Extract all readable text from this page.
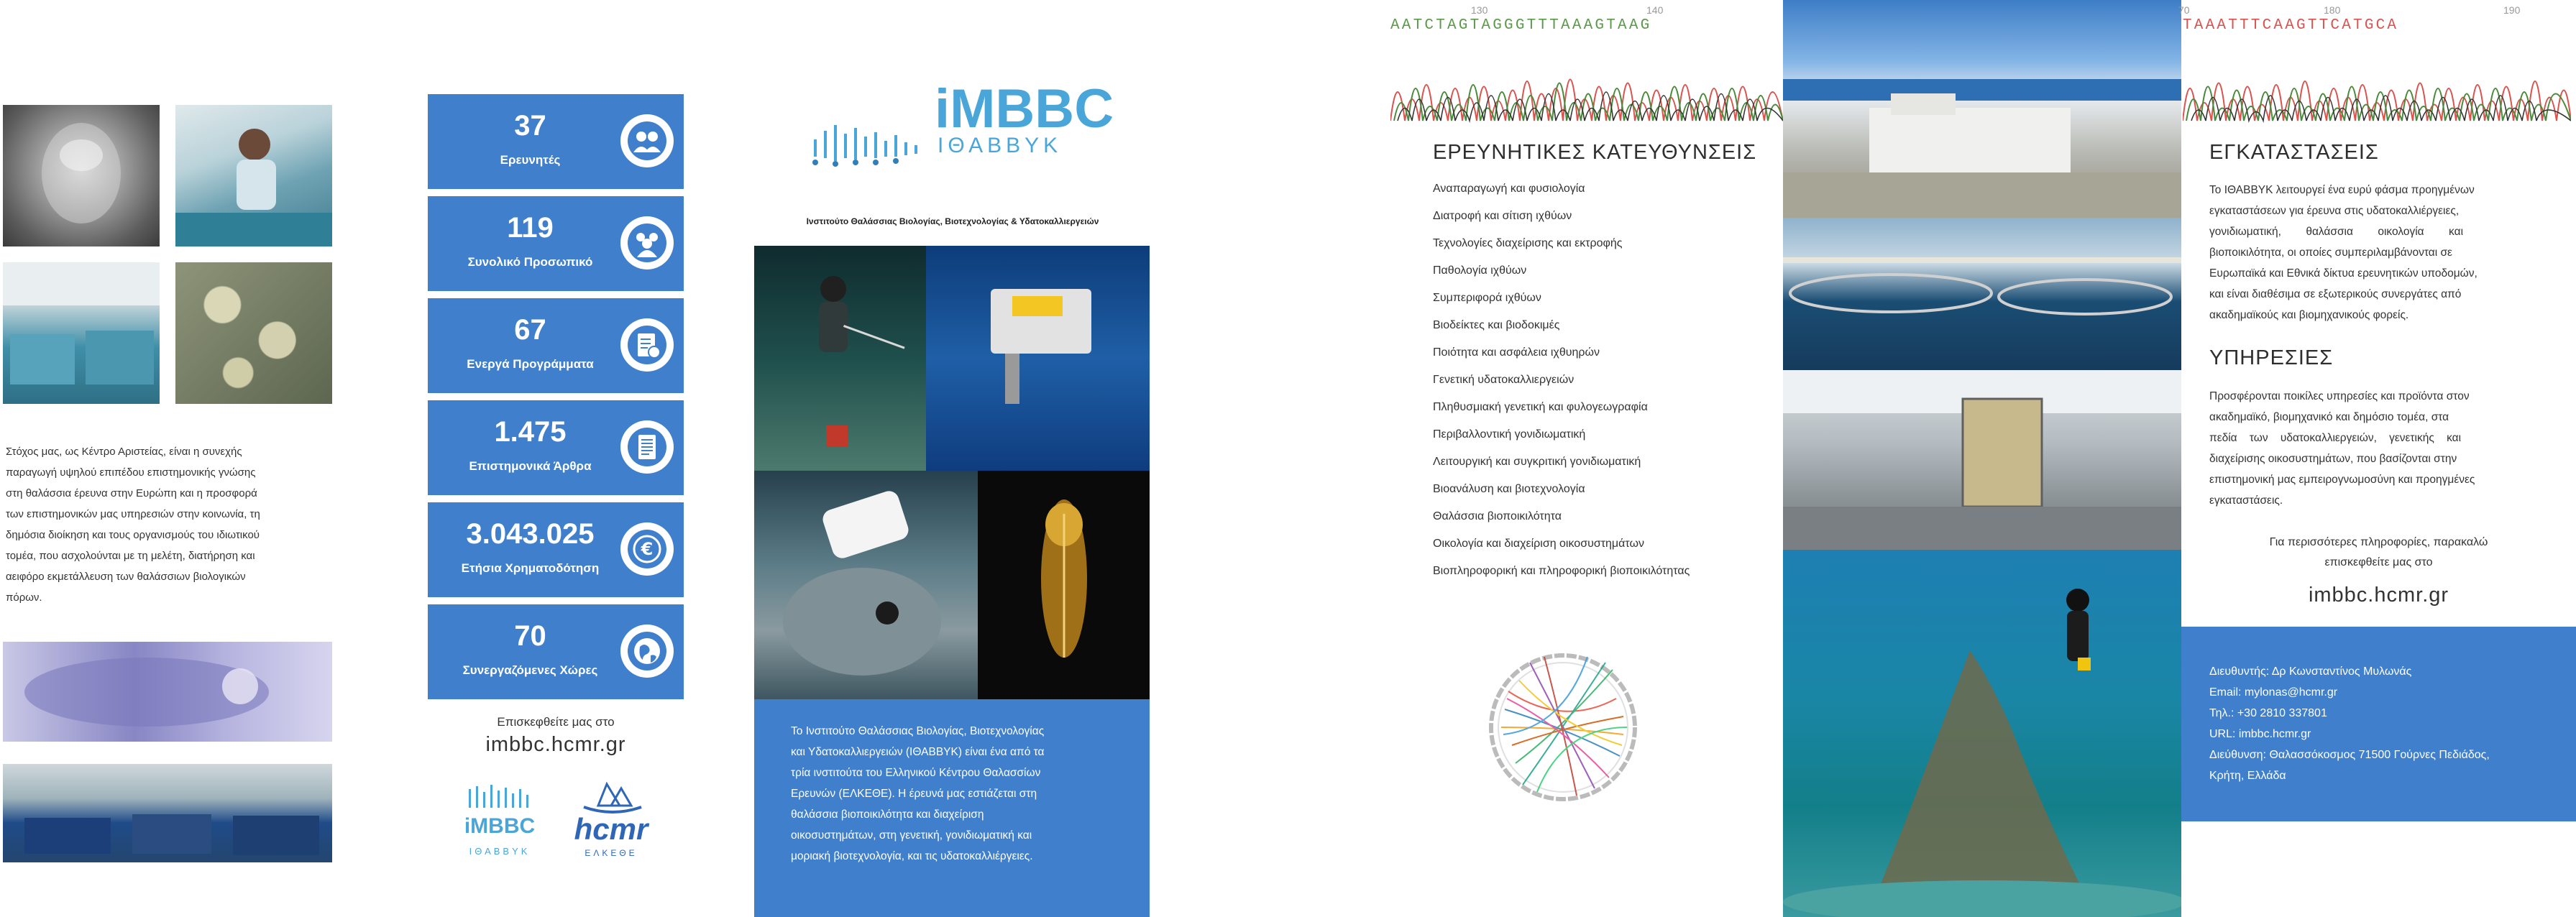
Στόχος μας, ως Κέντρο Αριστείας, είναι η συνεχής
παραγωγή υψηλού επιπέδου επιστημονικής γνώσης
στη θαλάσσια έρευνα στην Ευρώπη και η προσφορά
των επιστημονικών μας υπηρεσιών στην κοινωνία, τη
δημόσια διοίκηση και τους οργανισμούς του ιδιωτικού
τομέα, που ασχολούνται με τη μελέτη, διατήρηση και
αειφόρο εκμετάλλευση των θαλάσσιων βιολογικών
πόρων.
37
Ερευνητές
119
Συνολικό Προσωπικό
67
Ενεργά Προγράμματα
1.475
Επιστημονικά Άρθρα
3.043.025
Ετήσια Χρηματοδότηση
€
70
Συνεργαζόμενες Χώρες
Επισκεφθείτε μας στο
imbbc.hcmr.gr
iMBBC
ΙΘΑΒΒΥΚ
hcmr
ΕΛΚΕΘΕ
iMBBC
ΙΘΑΒΒΥΚ
Ινστιτούτο Θαλάσσιας Βιολογίας, Βιοτεχνολογίας & Υδατοκαλλιεργειών
Το Ινστιτούτο Θαλάσσιας Βιολογίας, Βιοτεχνολογίας
και Υδατοκαλλιεργειών (ΙΘΑΒΒΥΚ) είναι ένα από τα
τρία ινστιτούτα του Ελληνικού Κέντρου Θαλασσίων
Ερευνών (ΕΛΚΕΘΕ). Η έρευνά μας εστιάζεται στη
θαλάσσια βιοποικιλότητα και διαχείριση
οικοσυστημάτων, στη γενετική, γονιδιωματική και
μοριακή βιοτεχνολογία, και τις υδατοκαλλιέργειες.
130	140
AATCTAGTAGGGTTTAAAGTAAG
ΕΡΕΥΝΗΤΙΚΕΣ ΚΑΤΕΥΘΥΝΣΕΙΣ
Αναπαραγωγή και φυσιολογία
Διατροφή και σίτιση ιχθύων
Τεχνολογίες διαχείρισης και εκτροφής
Παθολογία ιχθύων
Συμπεριφορά ιχθύων
Βιοδείκτες και βιοδοκιμές
Ποιότητα και ασφάλεια ιχθυηρών
Γενετική υδατοκαλλιεργειών
Πληθυσμιακή γενετική και φυλογεωγραφία
Περιβαλλοντική γονιδιωματική
Λειτουργική και συγκριτική γονιδιωματική
Βιοανάλυση και βιοτεχνολογία
Θαλάσσια βιοποικιλότητα
Οικολογία και διαχείριση οικοσυστημάτων
Βιοπληροφορική και πληροφορική βιοποικιλότητας
70	180	190
TAAATTTCAAGTTCATGCA
ΕΓΚΑΤΑΣΤΑΣΕΙΣ
Το ΙΘΑΒΒΥΚ λειτουργεί ένα ευρύ φάσμα προηγμένων
εγκαταστάσεων για έρευνα στις υδατοκαλλιέργειες,
γονιδιωματική,        θαλάσσια        οικολογία        και
βιοποικιλότητα, οι οποίες συμπεριλαμβάνονται σε
Ευρωπαϊκά και Εθνικά δίκτυα ερευνητικών υποδομών,
και είναι διαθέσιμα σε εξωτερικούς συνεργάτες από
ακαδημαϊκούς και βιομηχανικούς φορείς.
ΥΠΗΡΕΣΙΕΣ
Προσφέρονται ποικίλες υπηρεσίες και προϊόντα στον
ακαδημαϊκό, βιομηχανικό και δημόσιο τομέα, στα
πεδία    των    υδατοκαλλιεργειών,    γενετικής    και
διαχείρισης οικοσυστημάτων, που βασίζονται στην
επιστημονική μας εμπειρογνωμοσύνη και προηγμένες
εγκαταστάσεις.
Για περισσότερες πληροφορίες, παρακαλώ
επισκεφθείτε μας στο
imbbc.hcmr.gr
Διευθυντής: Δρ Κωνσταντίνος Μυλωνάς
Email: mylonas@hcmr.gr
Τηλ.: +30 2810 337801
URL: imbbc.hcmr.gr
Διεύθυνση: Θαλασσόκοσμος 71500 Γούρνες Πεδιάδος,
Κρήτη, Ελλάδα
